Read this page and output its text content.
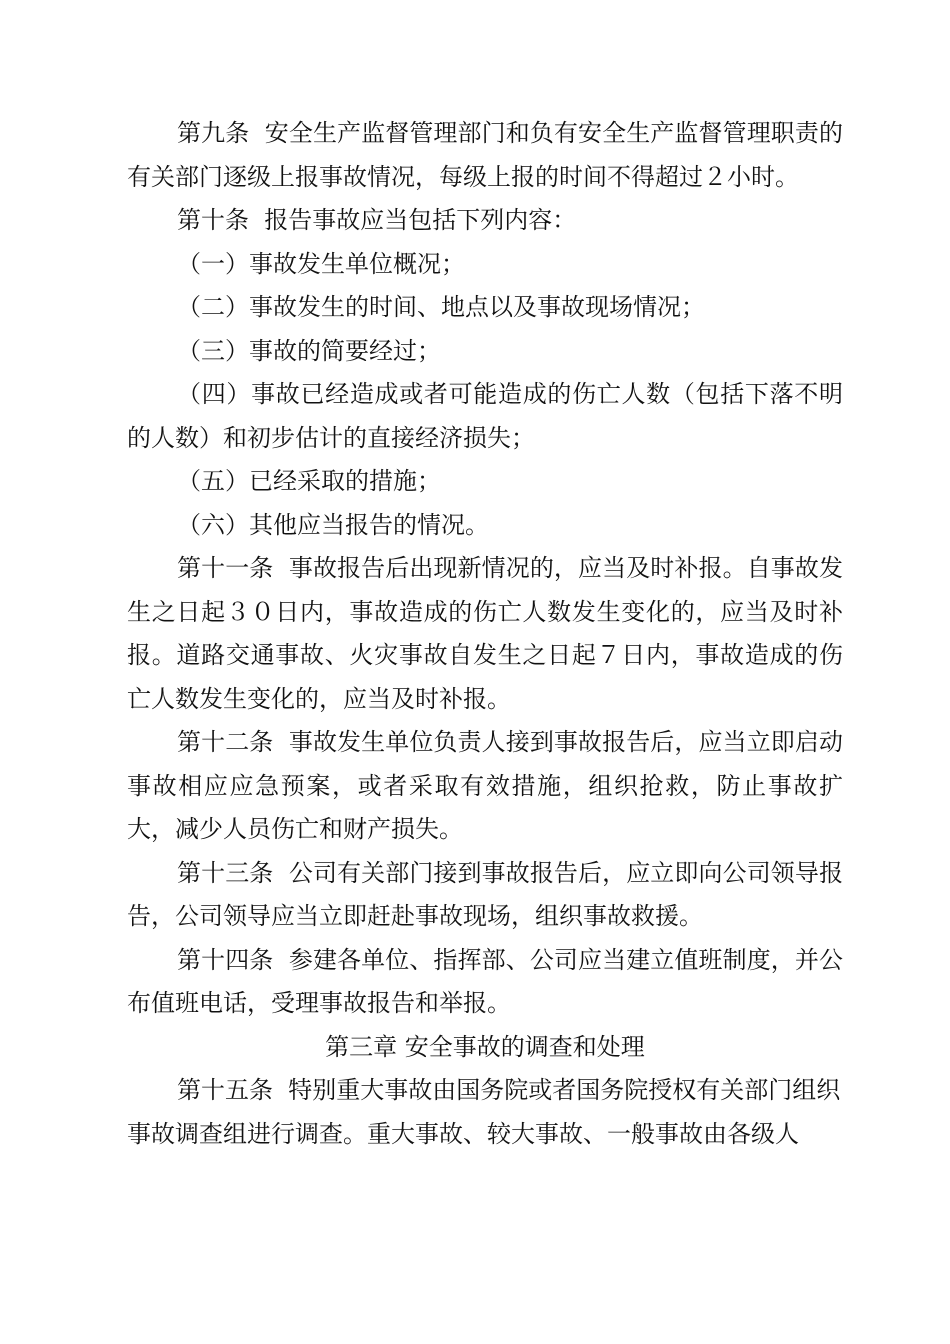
第九条  安全生产监督管理部门和负有安全生产监督管理职责的有关部门逐级上报事故情况，每级上报的时间不得超过２小时。

第十条  报告事故应当包括下列内容：

（一）事故发生单位概况；

（二）事故发生的时间、地点以及事故现场情况；

（三）事故的简要经过；

（四）事故已经造成或者可能造成的伤亡人数（包括下落不明的人数）和初步估计的直接经济损失；

（五）已经采取的措施；

（六）其他应当报告的情况。

第十一条  事故报告后出现新情况的，应当及时补报。自事故发生之日起３０日内，事故造成的伤亡人数发生变化的，应当及时补报。道路交通事故、火灾事故自发生之日起７日内，事故造成的伤亡人数发生变化的，应当及时补报。

第十二条  事故发生单位负责人接到事故报告后，应当立即启动事故相应应急预案，或者采取有效措施，组织抢救，防止事故扩大，减少人员伤亡和财产损失。

第十三条  公司有关部门接到事故报告后，应立即向公司领导报告，公司领导应当立即赶赴事故现场，组织事故救援。

第十四条  参建各单位、指挥部、公司应当建立值班制度，并公布值班电话，受理事故报告和举报。

第三章 安全事故的调查和处理

第十五条  特别重大事故由国务院或者国务院授权有关部门组织事故调查组进行调查。重大事故、较大事故、一般事故由各级人
